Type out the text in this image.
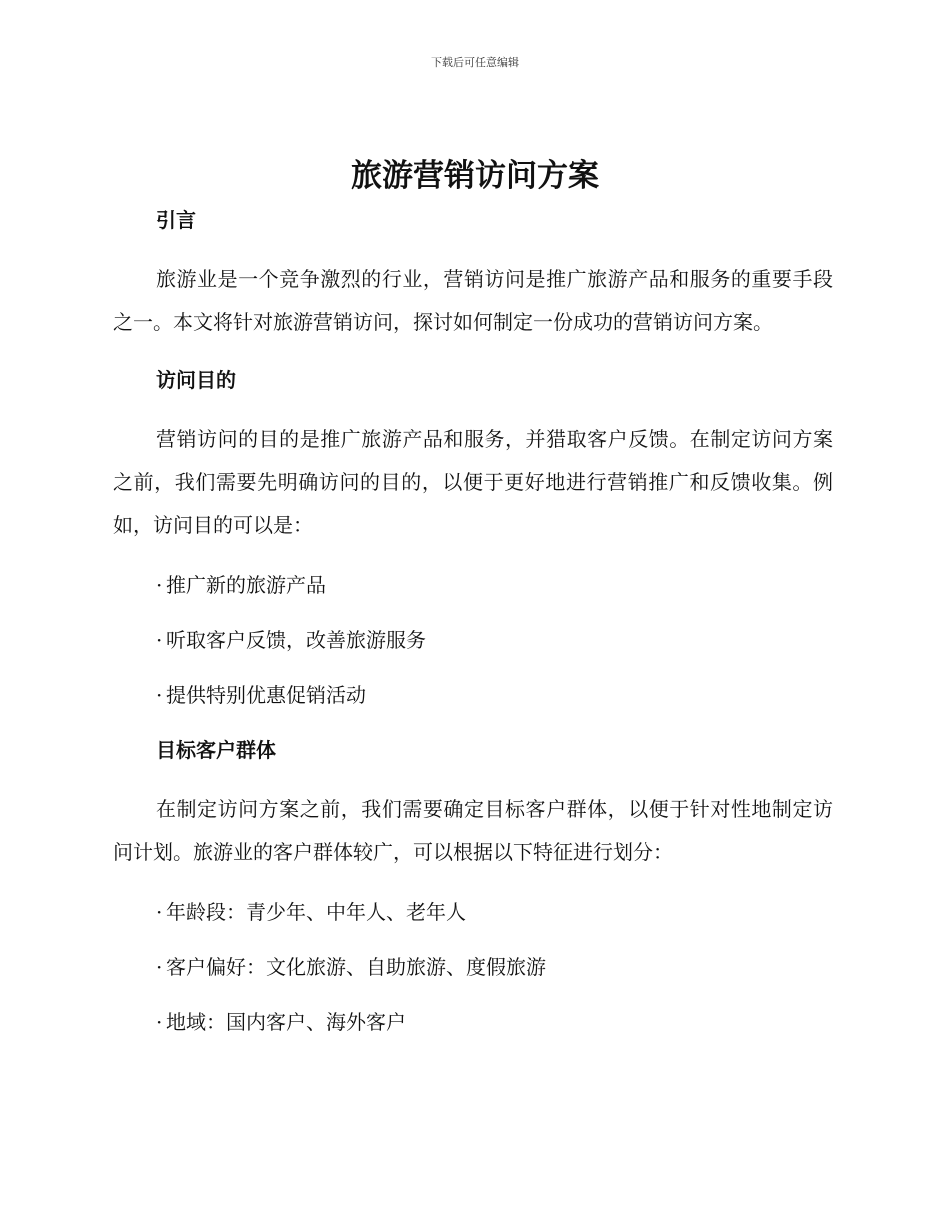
下载后可任意编辑
旅游营销访问方案
引言
旅游业是一个竞争激烈的行业，营销访问是推广旅游产品和服务的重要手段之一。本文将针对旅游营销访问，探讨如何制定一份成功的营销访问方案。
访问目的
营销访问的目的是推广旅游产品和服务，并猎取客户反馈。在制定访问方案之前，我们需要先明确访问的目的，以便于更好地进行营销推广和反馈收集。例如，访问目的可以是：
· 推广新的旅游产品
· 听取客户反馈，改善旅游服务
· 提供特别优惠促销活动
目标客户群体
在制定访问方案之前，我们需要确定目标客户群体，以便于针对性地制定访问计划。旅游业的客户群体较广，可以根据以下特征进行划分：
· 年龄段：青少年、中年人、老年人
· 客户偏好：文化旅游、自助旅游、度假旅游
· 地域：国内客户、海外客户
